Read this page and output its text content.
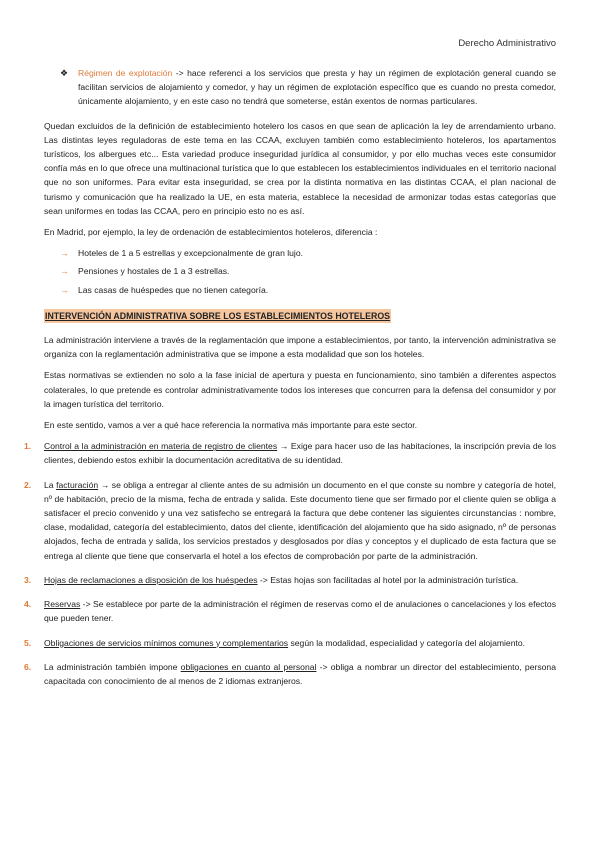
Derecho Administrativo
❖ Régimen de explotación -> hace referenci a los servicios que presta y hay un régimen de explotación general cuando se facilitan servicios de alojamiento y comedor, y hay un régimen de explotación específico que es cuando no presta comedor, únicamente alojamiento, y en este caso no tendrá que someterse, están exentos de normas particulares.

Quedan excluidos de la definición de establecimiento hotelero los casos en que sean de aplicación la ley de arrendamiento urbano. Las distintas leyes reguladoras de este tema en las CCAA, excluyen también como establecimiento hoteleros, los apartamentos turísticos, los albergues etc... Esta variedad produce inseguridad jurídica al consumidor, y por ello muchas veces este consumidor confía más en lo que ofrece una multinacional turística que lo que establecen los establecimientos individuales en el territorio nacional que no son uniformes. Para evitar esta inseguridad, se crea por la distinta normativa en las distintas CCAA, el plan nacional de turismo y comunicación que ha realizado la UE, en esta materia, establece la necesidad de armonizar todas estas categorías que sean uniformes en todas las CCAA, pero en principio esto no es así.

En Madrid, por ejemplo, la ley de ordenación de establecimientos hoteleros, diferencia :

→ Hoteles de 1 a 5 estrellas y excepcionalmente de gran lujo.
→ Pensiones y hostales de 1 a 3 estrellas.
→ Las casas de huéspedes que no tienen categoría.
INTERVENCIÓN ADMINISTRATIVA SOBRE LOS ESTABLECIMIENTOS HOTELEROS

La administración interviene a través de la reglamentación que impone a establecimientos, por tanto, la intervención administrativa se organiza con la reglamentación administrativa que se impone a esta modalidad que son los hoteles.

Estas normativas se extienden no solo a la fase inicial de apertura y puesta en funcionamiento, sino también a diferentes aspectos colaterales, lo que pretende es controlar administrativamente todos los intereses que concurren para la defensa del consumidor y por la imagen turística del territorio.

En este sentido, vamos a ver a qué hace referencia la normativa más importante para este sector.

1. Control a la administración en materia de registro de clientes → Exige para hacer uso de las habitaciones, la inscripción previa de los clientes, debiendo estos exhibir la documentación acreditativa de su identidad.
2. La facturación → se obliga a entregar al cliente antes de su admisión un documento en el que conste su nombre y categoría de hotel, nº de habitación, precio de la misma, fecha de entrada y salida. Este documento tiene que ser firmado por el cliente quien se obliga a satisfacer el precio convenido y una vez satisfecho se entregará la factura que debe contener las siguientes circunstancias : nombre, clase, modalidad, categoría del establecimiento, datos del cliente, identificación del alojamiento que ha sido asignado, nº de personas alojados, fecha de entrada y salida, los servicios prestados y desglosados por días y conceptos y el duplicado de esta factura que se entrega al cliente que tiene que conservarla el hotel a los efectos de comprobación por parte de la administración.
3. Hojas de reclamaciones a disposición de los huéspedes -> Estas hojas son facilitadas al hotel por la administración turística.
4. Reservas -> Se establece por parte de la administración el régimen de reservas como el de anulaciones o cancelaciones y los efectos que pueden tener.
5. Obligaciones de servicios mínimos comunes y complementarios según la modalidad, especialidad y categoría del alojamiento.
6. La administración también impone obligaciones en cuanto al personal -> obliga a nombrar un director del establecimiento, persona capacitada con conocimiento de al menos de 2 idiomas extranjeros.
